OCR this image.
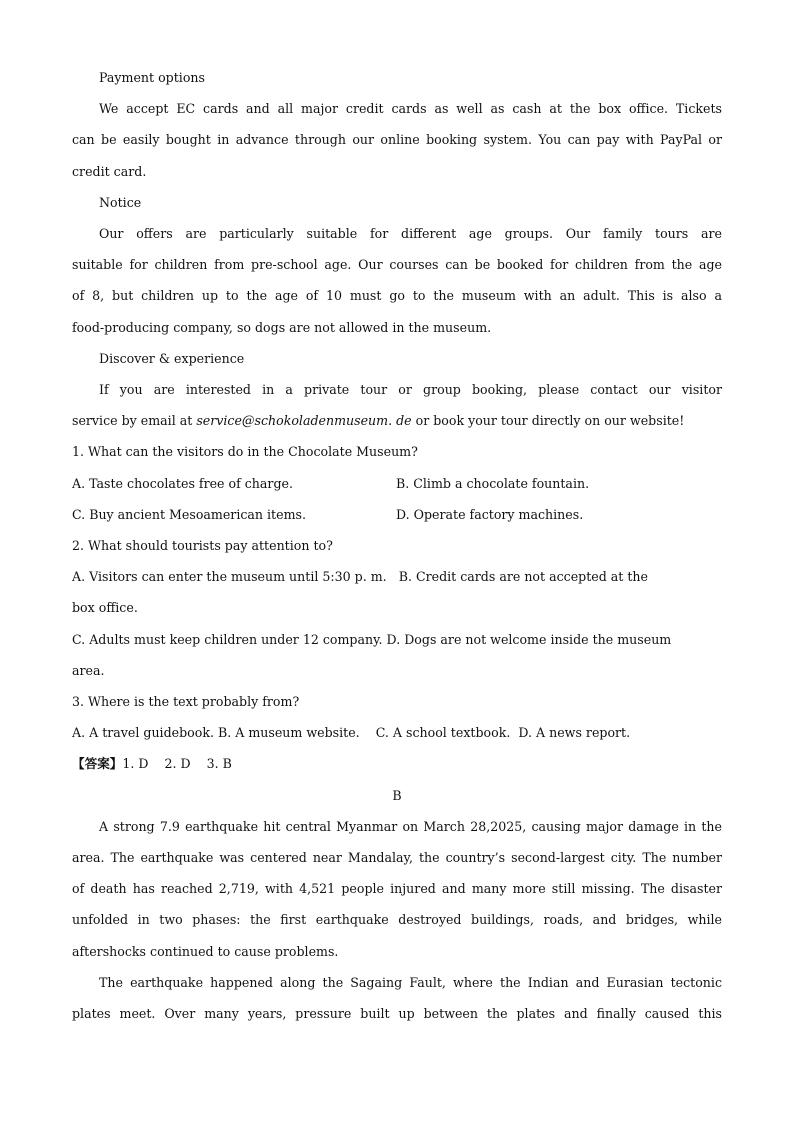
Payment options
We accept EC cards and all major credit cards as well as cash at the box office. Tickets
can be easily bought in advance through our online booking system. You can pay with PayPal or
credit card.
Notice
Our offers are particularly suitable for different age groups. Our family tours are
suitable for children from pre-school age. Our courses can be booked for children from the age
of 8, but children up to the age of 10 must go to the museum with an adult. This is also a
food-producing company, so dogs are not allowed in the museum.
Discover & experience
If you are interested in a private tour or group booking, please contact our visitor
service by email at service@schokoladenmuseum. de or book your tour directly on our website!
1. What can the visitors do in the Chocolate Museum?
A. Taste chocolates free of charge.	B. Climb a chocolate fountain.
C. Buy ancient Mesoamerican items.	D. Operate factory machines.
2. What should tourists pay attention to?
A. Visitors can enter the museum until 5:30 p. m.   B. Credit cards are not accepted at the
box office.
C. Adults must keep children under 12 company. D. Dogs are not welcome inside the museum
area.
3. Where is the text probably from?
A. A travel guidebook. B. A museum website. C. A school textbook. D. A news report.
【答案】1. D    2. D    3. B
B
A strong 7.9 earthquake hit central Myanmar on March 28,2025, causing major damage in the
area. The earthquake was centered near Mandalay, the country’s second-largest city. The number
of death has reached 2,719, with 4,521 people injured and many more still missing. The disaster
unfolded in two phases: the first earthquake destroyed buildings, roads, and bridges, while
aftershocks continued to cause problems.
The earthquake happened along the Sagaing Fault, where the Indian and Eurasian tectonic
plates meet. Over many years, pressure built up between the plates and finally caused this
